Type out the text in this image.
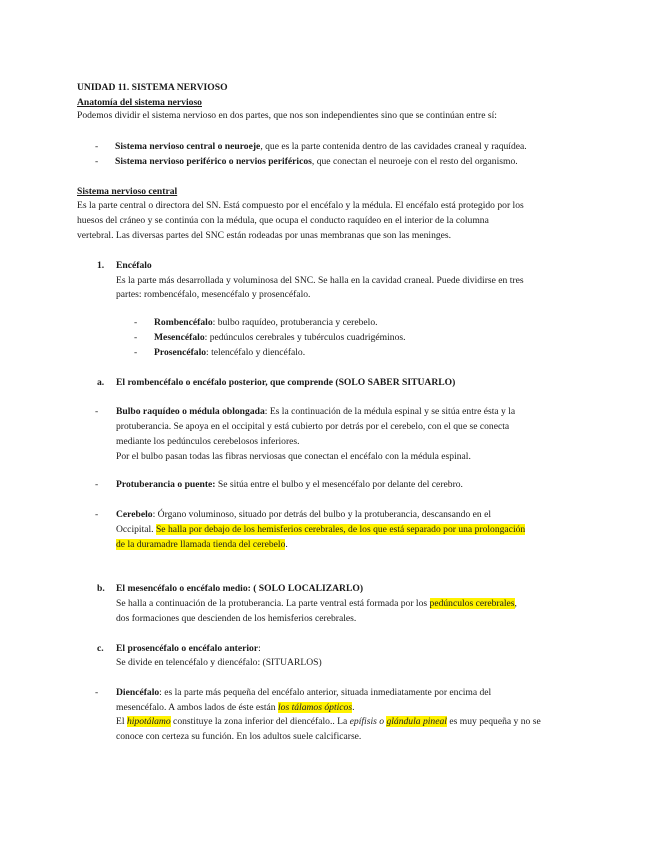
UNIDAD 11. SISTEMA NERVIOSO
Anatomía del sistema nervioso
Podemos dividir el sistema nervioso en dos partes, que nos son independientes sino que se continúan entre sí:
- Sistema nervioso central o neuroeje, que es la parte contenida dentro de las cavidades craneal y raquídea.
- Sistema nervioso periférico o nervios periféricos, que conectan el neuroeje con el resto del organismo.
Sistema nervioso central
Es la parte central o directora del SN. Está compuesto por el encéfalo y la médula. El encéfalo está protegido por los
huesos del cráneo y se continúa con la médula, que ocupa el conducto raquídeo en el interior de la columna
vertebral. Las diversas partes del SNC están rodeadas por unas membranas que son las meninges.
1. Encéfalo
Es la parte más desarrollada y voluminosa del SNC. Se halla en la cavidad craneal. Puede dividirse en tres
partes: rombencéfalo, mesencéfalo y prosencéfalo.
- Rombencéfalo: bulbo raquídeo, protuberancia y cerebelo.
- Mesencéfalo: pedúnculos cerebrales y tubérculos cuadrigéminos.
- Prosencéfalo: telencéfalo y diencéfalo.
a. El rombencéfalo o encéfalo posterior, que comprende (SOLO SABER SITUARLO)
- Bulbo raquídeo o médula oblongada: Es la continuación de la médula espinal y se sitúa entre ésta y la
protuberancia. Se apoya en el occipital y está cubierto por detrás por el cerebelo, con el que se conecta
mediante los pedúnculos cerebelosos inferiores.
Por el bulbo pasan todas las fibras nerviosas que conectan el encéfalo con la médula espinal.
- Protuberancia o puente: Se sitúa entre el bulbo y el mesencéfalo por delante del cerebro.
- Cerebelo: Órgano voluminoso, situado por detrás del bulbo y la protuberancia, descansando en el
Occipital. Se halla por debajo de los hemisferios cerebrales, de los que está separado por una prolongación
de la duramadre llamada tienda del cerebelo.
b. El mesencéfalo o encéfalo medio: ( SOLO LOCALIZARLO)
Se halla a continuación de la protuberancia. La parte ventral está formada por los pedúnculos cerebrales,
dos formaciones que descienden de los hemisferios cerebrales.
c. El prosencéfalo o encéfalo anterior:
Se divide en telencéfalo y diencéfalo: (SITUARLOS)
- Diencéfalo: es la parte más pequeña del encéfalo anterior, situada inmediatamente por encima del
mesencéfalo. A ambos lados de éste están los tálamos ópticos.
El hipotálamo constituye la zona inferior del diencéfalo.. La epífisis o glándula pineal es muy pequeña y no se
conoce con certeza su función. En los adultos suele calcificarse.
